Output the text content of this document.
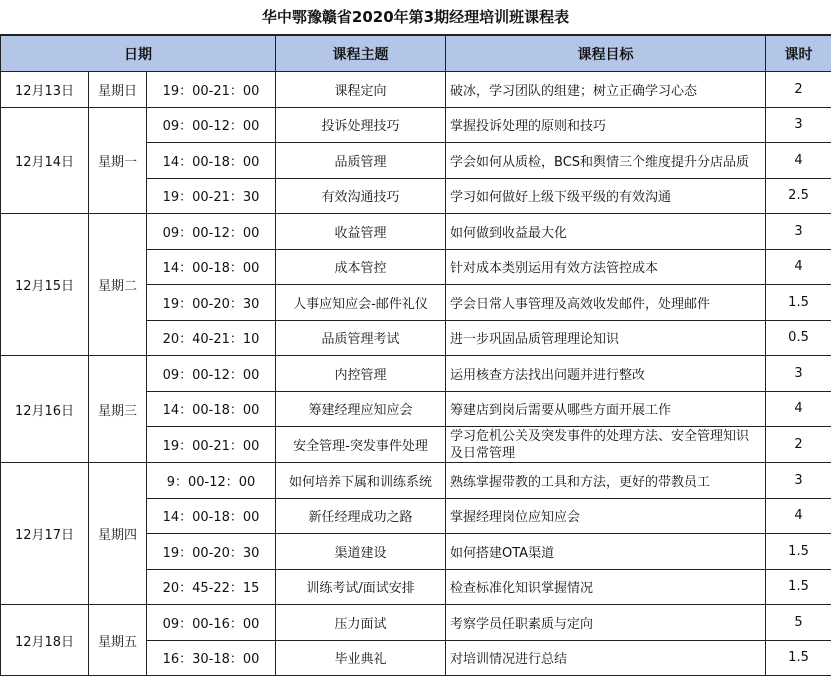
华中鄂豫赣省2020年第3期经理培训班课程表
日期			课程主题	课程目标	课时
12月13日	星期日	19：00-21：00	课程定向	破冰，学习团队的组建；树立正确学习心态	2
12月14日	星期一	09：00-12：00	投诉处理技巧	掌握投诉处理的原则和技巧	3
		14：00-18：00	品质管理	学会如何从质检，BCS和舆情三个维度提升分店品质	4
		19：00-21：30	有效沟通技巧	学习如何做好上级下级平级的有效沟通	2.5
12月15日	星期二	09：00-12：00	收益管理	如何做到收益最大化	3
		14：00-18：00	成本管控	针对成本类别运用有效方法管控成本	4
		19：00-20：30	人事应知应会-邮件礼仪	学会日常人事管理及高效收发邮件，处理邮件	1.5
		20：40-21：10	品质管理考试	进一步巩固品质管理理论知识	0.5
12月16日	星期三	09：00-12：00	内控管理	运用核查方法找出问题并进行整改	3
		14：00-18：00	筹建经理应知应会	筹建店到岗后需要从哪些方面开展工作	4
		19：00-21：00	安全管理-突发事件处理	学习危机公关及突发事件的处理方法、安全管理知识及日常管理	2
12月17日	星期四	9：00-12：00	如何培养下属和训练系统	熟练掌握带教的工具和方法，更好的带教员工	3
		14：00-18：00	新任经理成功之路	掌握经理岗位应知应会	4
		19：00-20：30	渠道建设	如何搭建OTA渠道	1.5
		20：45-22：15	训练考试/面试安排	检查标准化知识掌握情况	1.5
12月18日	星期五	09：00-16：00	压力面试	考察学员任职素质与定向	5
		16：30-18：00	毕业典礼	对培训情况进行总结	1.5
